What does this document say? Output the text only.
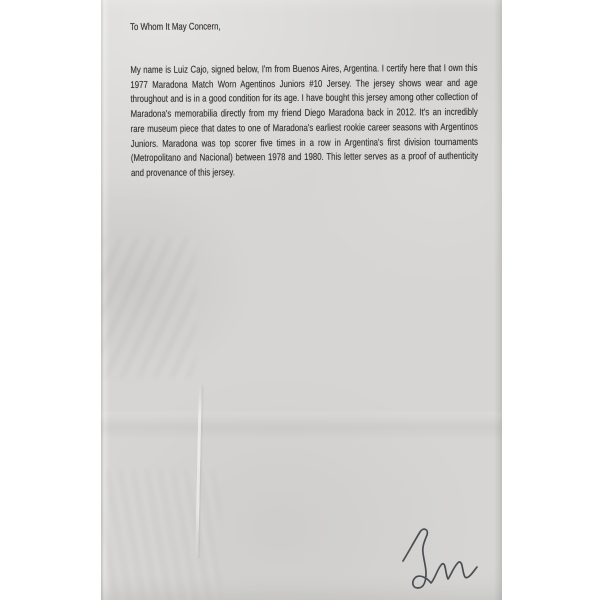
To Whom It May Concern,

My name is Luiz Cajo, signed below, I'm from Buenos Aires, Argentina. I certify here that I own this 1977 Maradona Match Worn Agentinos Juniors #10 Jersey. The jersey shows wear and age throughout and is in a good condition for its age. I have bought this jersey among other collection of Maradona's memorabilia directly from my friend Diego Maradona back in 2012. It's an incredibly rare museum piece that dates to one of Maradona's earliest rookie career seasons with Argentinos Juniors. Maradona was top scorer five times in a row in Argentina's first division tournaments (Metropolitano and Nacional) between 1978 and 1980. This letter serves as a proof of authenticity and provenance of this jersey.
